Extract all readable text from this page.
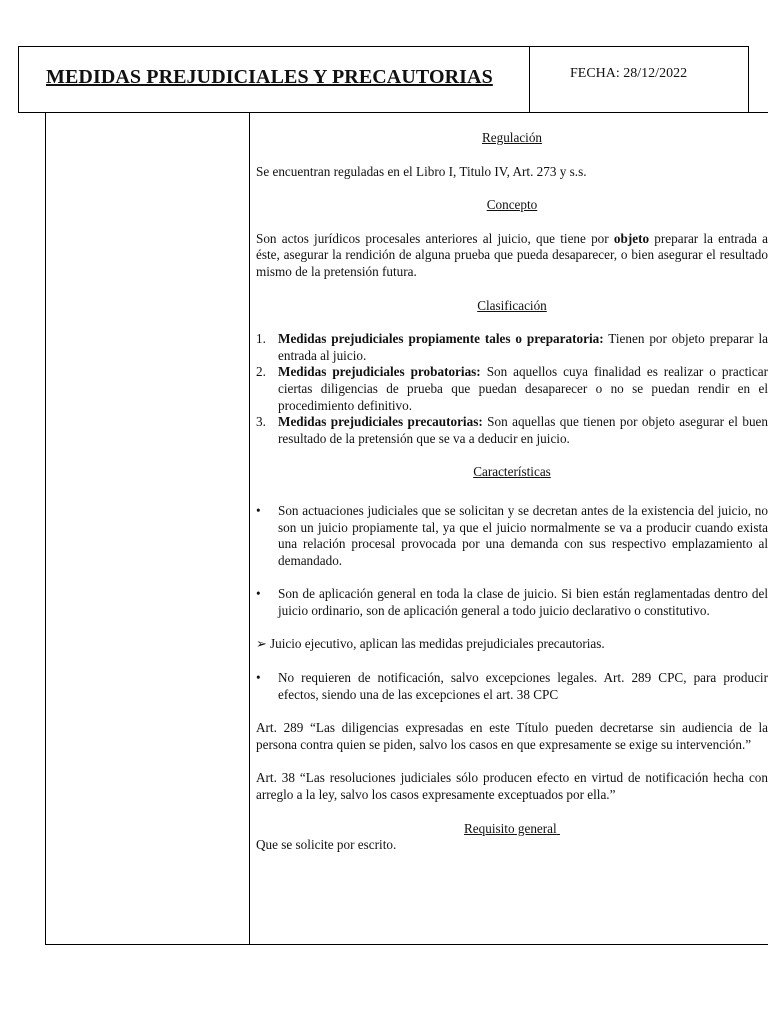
MEDIDAS PREJUDICIALES Y PRECAUTORIAS	FECHA: 28/12/2022

Regulación

Se encuentran reguladas en el Libro I, Titulo IV, Art. 273 y s.s.

Concepto

Son actos jurídicos procesales anteriores al juicio, que tiene por objeto preparar la entrada a éste, asegurar la rendición de alguna prueba que pueda desaparecer, o bien asegurar el resultado mismo de la pretensión futura.

Clasificación

1. Medidas prejudiciales propiamente tales o preparatoria: Tienen por objeto preparar la entrada al juicio.
2. Medidas prejudiciales probatorias: Son aquellos cuya finalidad es realizar o practicar ciertas diligencias de prueba que puedan desaparecer o no se puedan rendir en el procedimiento definitivo.
3. Medidas prejudiciales precautorias: Son aquellas que tienen por objeto asegurar el buen resultado de la pretensión que se va a deducir en juicio.

Características

• Son actuaciones judiciales que se solicitan y se decretan antes de la existencia del juicio, no son un juicio propiamente tal, ya que el juicio normalmente se va a producir cuando exista una relación procesal provocada por una demanda con sus respectivo emplazamiento al demandado.
• Son de aplicación general en toda la clase de juicio. Si bien están reglamentadas dentro del juicio ordinario, son de aplicación general a todo juicio declarativo o constitutivo.
➢ Juicio ejecutivo, aplican las medidas prejudiciales precautorias.
• No requieren de notificación, salvo excepciones legales. Art. 289 CPC, para producir efectos, siendo una de las excepciones el art. 38 CPC

Art. 289 “Las diligencias expresadas en este Título pueden decretarse sin audiencia de la persona contra quien se piden, salvo los casos en que expresamente se exige su intervención.”

Art. 38 “Las resoluciones judiciales sólo producen efecto en virtud de notificación hecha con arreglo a la ley, salvo los casos expresamente exceptuados por ella.”

Requisito general

Que se solicite por escrito.
